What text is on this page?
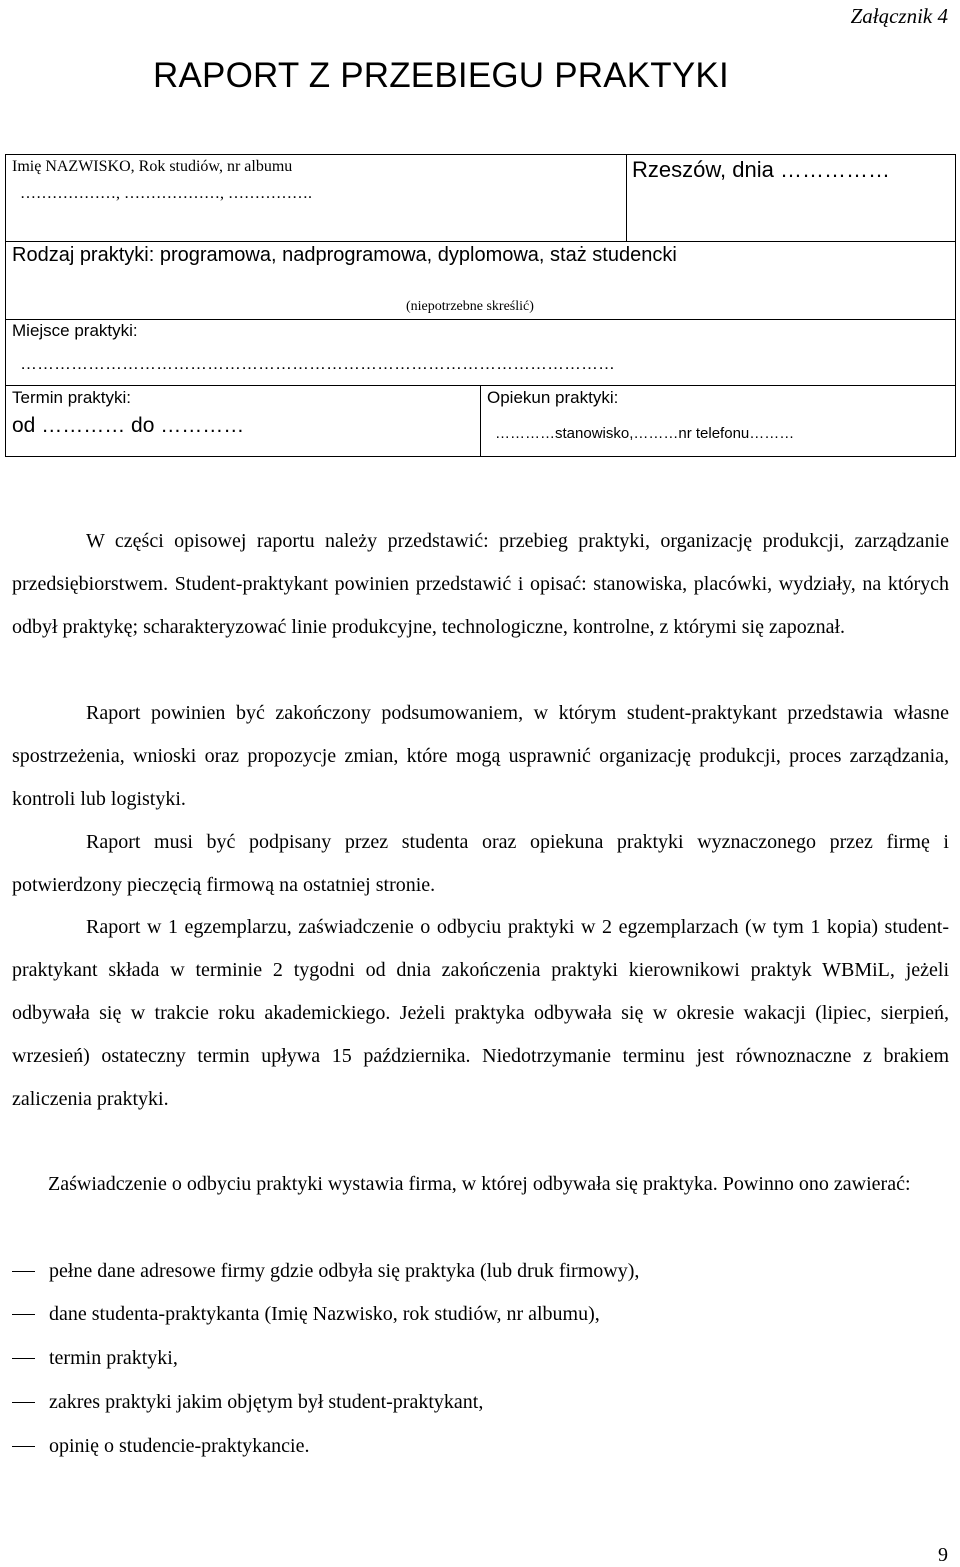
Załącznik 4
RAPORT Z PRZEBIEGU PRAKTYKI
Imię NAZWISKO, Rok studiów, nr albumu
………………, ………………, …………….
Rzeszów, dnia ……………
Rodzaj praktyki: programowa, nadprogramowa, dyplomowa, staż studencki
(niepotrzebne skreślić)
Miejsce praktyki:
……………………………………………………………………………………………
Termin praktyki:
od ………… do …………
Opiekun praktyki:
…………stanowisko,………nr telefonu………

W części opisowej raportu należy przedstawić: przebieg praktyki, organizację produkcji, zarządzanie przedsiębiorstwem. Student-praktykant powinien przedstawić i opisać: stanowiska, placówki, wydziały, na których odbył praktykę; scharakteryzować linie produkcyjne, technologiczne, kontrolne, z którymi się zapoznał.

Raport powinien być zakończony podsumowaniem, w którym student-praktykant przedstawia własne spostrzeżenia, wnioski oraz propozycje zmian, które mogą usprawnić organizację produkcji, proces zarządzania, kontroli lub logistyki.

Raport musi być podpisany przez studenta oraz opiekuna praktyki wyznaczonego przez firmę i potwierdzony pieczęcią firmową na ostatniej stronie.

Raport w 1 egzemplarzu, zaświadczenie o odbyciu praktyki w 2 egzemplarzach (w tym 1 kopia) student-praktykant składa w terminie 2 tygodni od dnia zakończenia praktyki kierownikowi praktyk WBMiL, jeżeli odbywała się w trakcie roku akademickiego. Jeżeli praktyka odbywała się w okresie wakacji (lipiec, sierpień, wrzesień) ostateczny termin upływa 15 października. Niedotrzymanie terminu jest równoznaczne z brakiem zaliczenia praktyki.

Zaświadczenie o odbyciu praktyki wystawia firma, w której odbywała się praktyka. Powinno ono zawierać:

pełne dane adresowe firmy gdzie odbyła się praktyka (lub druk firmowy),
dane studenta-praktykanta (Imię Nazwisko, rok studiów, nr albumu),
termin praktyki,
zakres praktyki jakim objętym był student-praktykant,
opinię o studencie-praktykancie.
9
